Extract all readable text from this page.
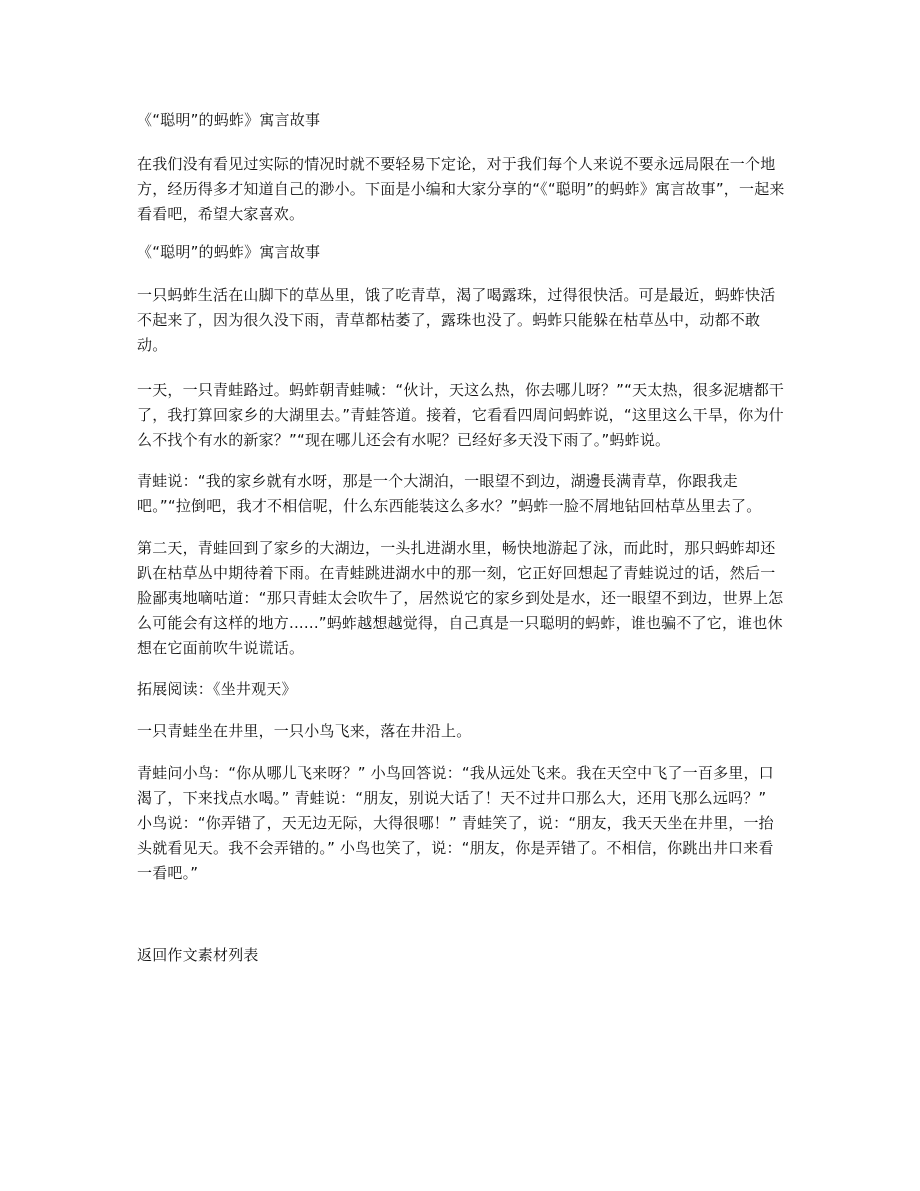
《“聪明”的蚂蚱》寓言故事

在我们没有看见过实际的情况时就不要轻易下定论，对于我们每个人来说不要永远局限在一个地方，经历得多才知道自己的渺小。下面是小编和大家分享的“《“聪明”的蚂蚱》寓言故事”，一起来看看吧，希望大家喜欢。

《“聪明”的蚂蚱》寓言故事

一只蚂蚱生活在山脚下的草丛里，饿了吃青草，渴了喝露珠，过得很快活。可是最近，蚂蚱快活不起来了，因为很久没下雨，青草都枯萎了，露珠也没了。蚂蚱只能躲在枯草丛中，动都不敢动。

一天，一只青蛙路过。蚂蚱朝青蛙喊：“伙计，天这么热，你去哪儿呀？”“天太热，很多泥塘都干了，我打算回家乡的大湖里去。”青蛙答道。接着，它看看四周问蚂蚱说，“这里这么干旱，你为什么不找个有水的新家？”“现在哪儿还会有水呢？已经好多天没下雨了。”蚂蚱说。

青蛙说：“我的家乡就有水呀，那是一个大湖泊，一眼望不到边，湖邊長满青草，你跟我走吧。”“拉倒吧，我才不相信呢，什么东西能装这么多水？”蚂蚱一脸不屑地钻回枯草丛里去了。

第二天，青蛙回到了家乡的大湖边，一头扎进湖水里，畅快地游起了泳，而此时，那只蚂蚱却还趴在枯草丛中期待着下雨。在青蛙跳进湖水中的那一刻，它正好回想起了青蛙说过的话，然后一脸鄙夷地嘀咕道：“那只青蛙太会吹牛了，居然说它的家乡到处是水，还一眼望不到边，世界上怎么可能会有这样的地方......”蚂蚱越想越觉得，自己真是一只聪明的蚂蚱，谁也骗不了它，谁也休想在它面前吹牛说谎话。

拓展阅读：《坐井观天》

一只青蛙坐在井里，一只小鸟飞来，落在井沿上。

青蛙问小鸟：“你从哪儿飞来呀？” 小鸟回答说：“我从远处飞来。我在天空中飞了一百多里，口渴了，下来找点水喝。” 青蛙说：“朋友，别说大话了！天不过井口那么大，还用飞那么远吗？” 小鸟说：“你弄错了，天无边无际，大得很哪！” 青蛙笑了，说：“朋友，我天天坐在井里，一抬头就看见天。我不会弄错的。” 小鸟也笑了，说：“朋友，你是弄错了。不相信，你跳出井口来看一看吧。”

返回作文素材列表
